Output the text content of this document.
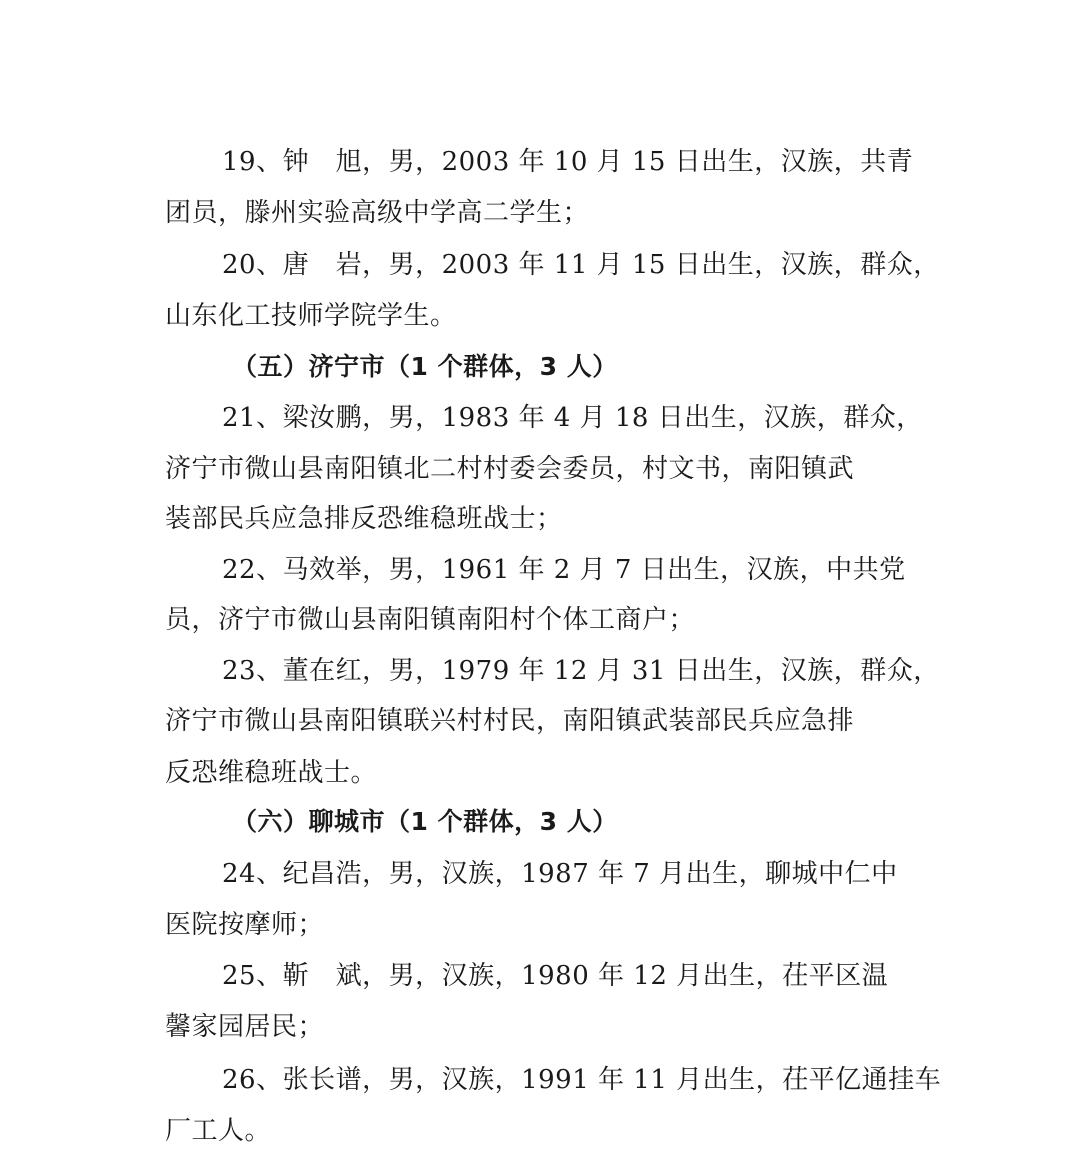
19、钟　旭，男，2003 年 10 月 15 日出生，汉族，共青
团员，滕州实验高级中学高二学生；
20、唐　岩，男，2003 年 11 月 15 日出生，汉族，群众，
山东化工技师学院学生。
（五）济宁市（1 个群体，3 人）
21、梁汝鹏，男，1983 年 4 月 18 日出生，汉族，群众，
济宁市微山县南阳镇北二村村委会委员，村文书，南阳镇武
装部民兵应急排反恐维稳班战士；
22、马效举，男，1961 年 2 月 7 日出生，汉族，中共党
员，济宁市微山县南阳镇南阳村个体工商户；
23、董在红，男，1979 年 12 月 31 日出生，汉族，群众，
济宁市微山县南阳镇联兴村村民，南阳镇武装部民兵应急排
反恐维稳班战士。
（六）聊城市（1 个群体，3 人）
24、纪昌浩，男，汉族，1987 年 7 月出生，聊城中仁中
医院按摩师；
25、靳　斌，男，汉族，1980 年 12 月出生，茌平区温
馨家园居民；
26、张长谱，男，汉族，1991 年 11 月出生，茌平亿通挂车
厂工人。
